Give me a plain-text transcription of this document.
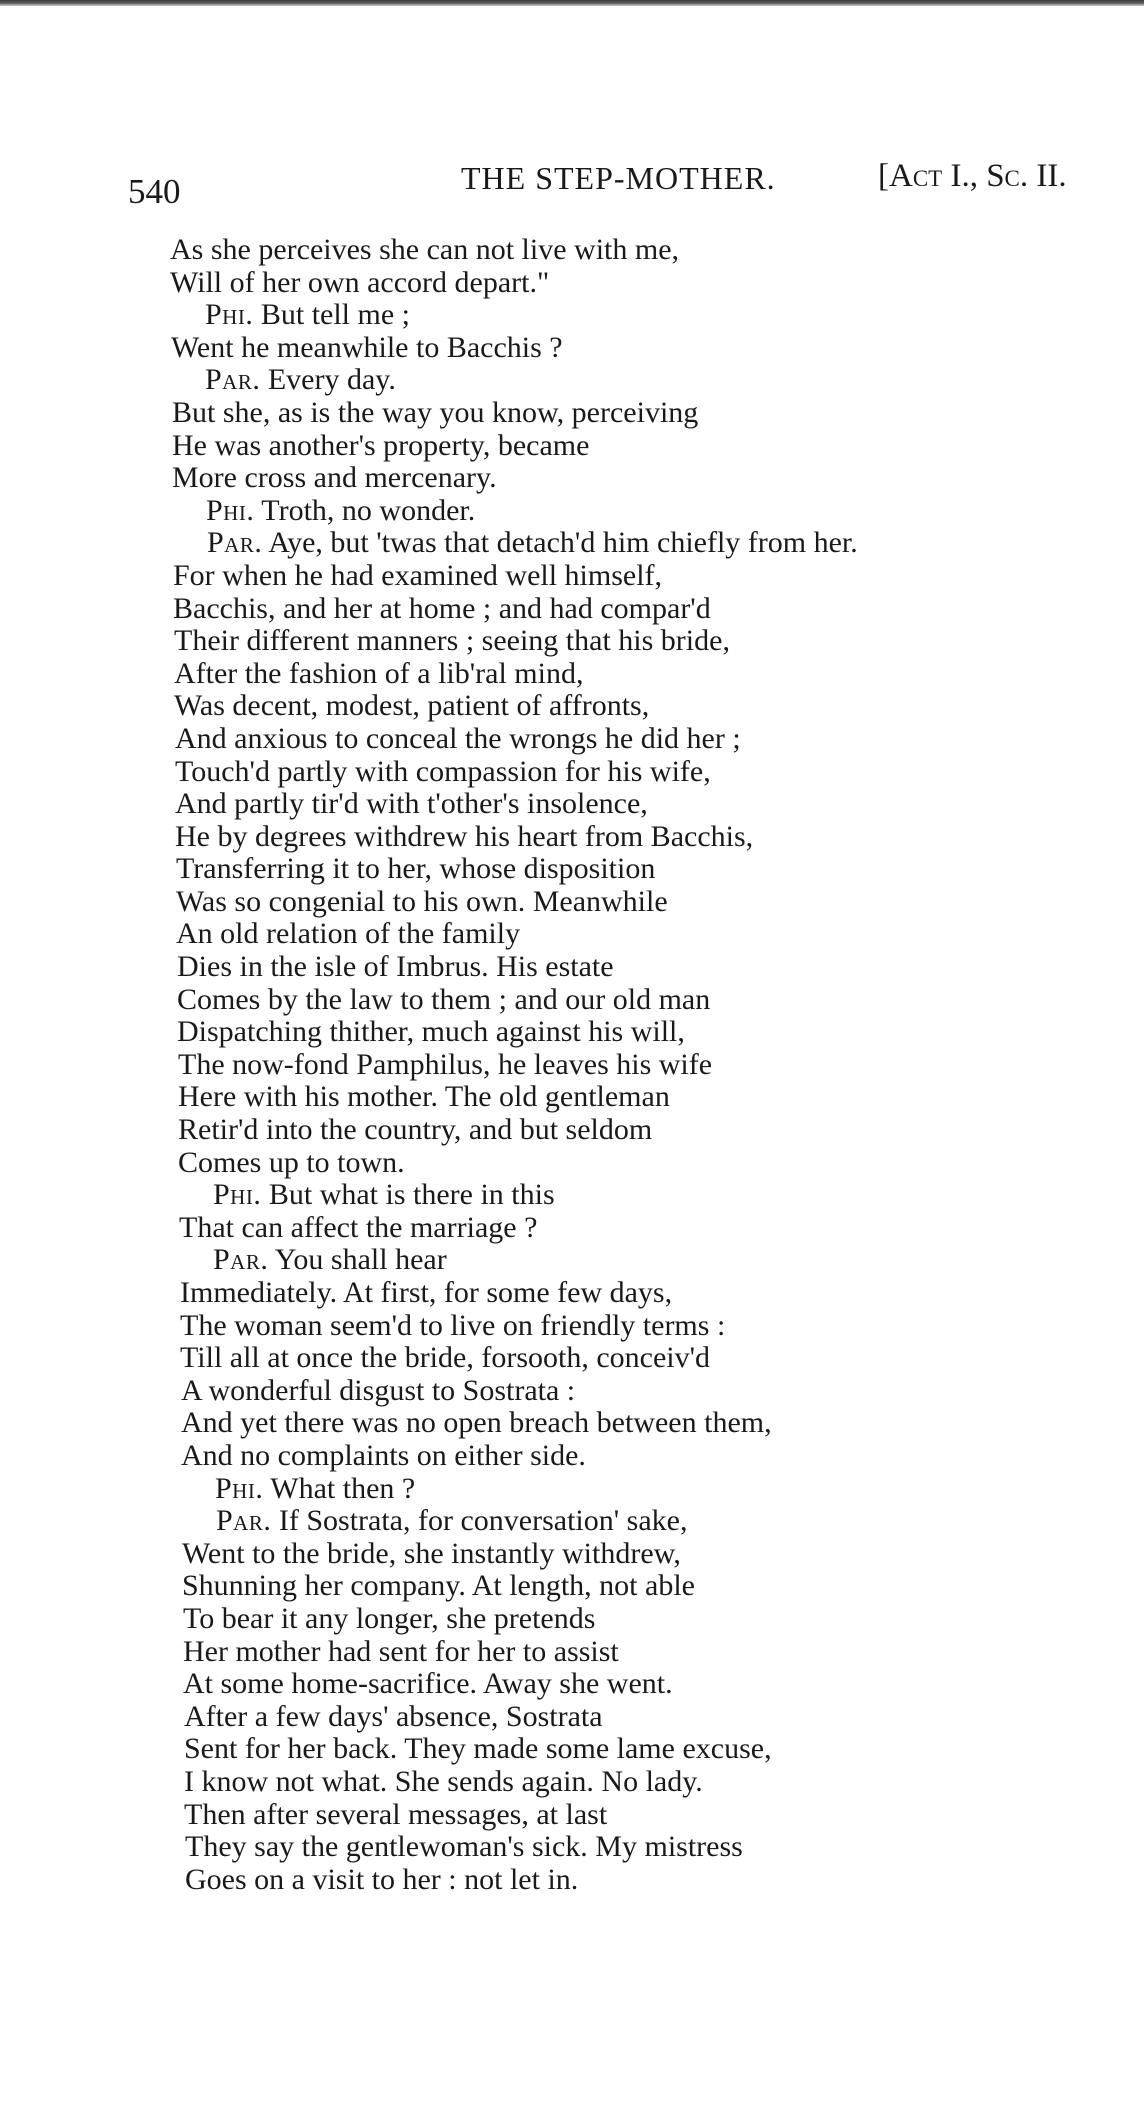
540	THE STEP-MOTHER.	[Act I., Sc. II.
As she perceives she can not live with me,
Will of her own accord depart."
Phi. But tell me ;
Went he meanwhile to Bacchis ?
Par. Every day.
But she, as is the way you know, perceiving
He was another's property, became
More cross and mercenary.
Phi. Troth, no wonder.
Par. Aye, but 'twas that detach'd him chiefly from her.
For when he had examined well himself,
Bacchis, and her at home ; and had compar'd
Their different manners ; seeing that his bride,
After the fashion of a lib'ral mind,
Was decent, modest, patient of affronts,
And anxious to conceal the wrongs he did her ;
Touch'd partly with compassion for his wife,
And partly tir'd with t'other's insolence,
He by degrees withdrew his heart from Bacchis,
Transferring it to her, whose disposition
Was so congenial to his own. Meanwhile
An old relation of the family
Dies in the isle of Imbrus. His estate
Comes by the law to them ; and our old man
Dispatching thither, much against his will,
The now-fond Pamphilus, he leaves his wife
Here with his mother. The old gentleman
Retir'd into the country, and but seldom
Comes up to town.
Phi. But what is there in this
That can affect the marriage ?
Par. You shall hear
Immediately. At first, for some few days,
The woman seem'd to live on friendly terms :
Till all at once the bride, forsooth, conceiv'd
A wonderful disgust to Sostrata :
And yet there was no open breach between them,
And no complaints on either side.
Phi. What then ?
Par. If Sostrata, for conversation' sake,
Went to the bride, she instantly withdrew,
Shunning her company. At length, not able
To bear it any longer, she pretends
Her mother had sent for her to assist
At some home-sacrifice. Away she went.
After a few days' absence, Sostrata
Sent for her back. They made some lame excuse,
I know not what. She sends again. No lady.
Then after several messages, at last
They say the gentlewoman's sick. My mistress
Goes on a visit to her : not let in.
